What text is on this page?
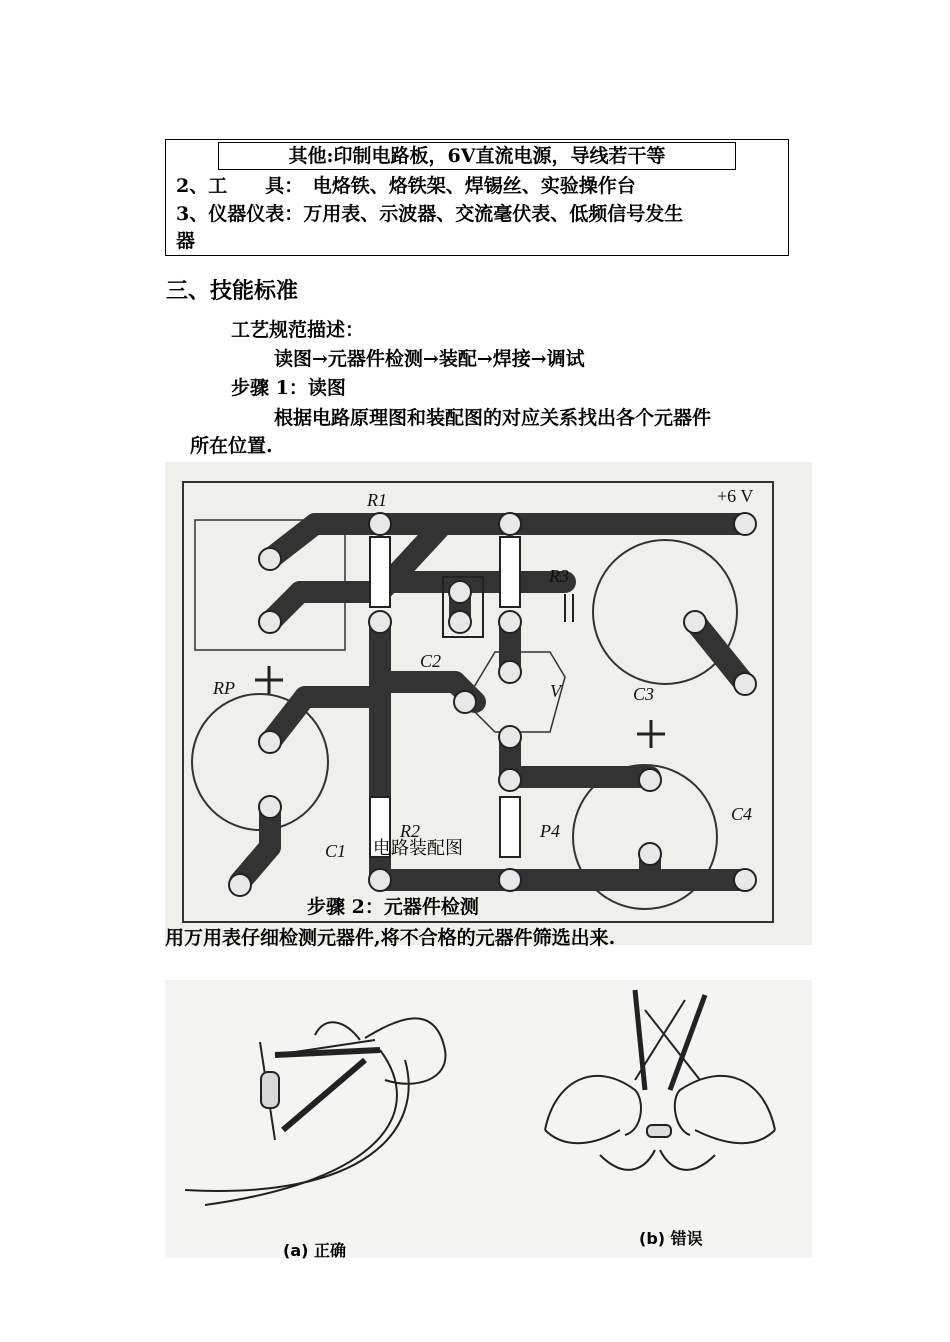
其他:印制电路板，6V直流电源，导线若干等
2、工　　具：　电烙铁、烙铁架、焊锡丝、实验操作台
3、仪器仪表：万用表、示波器、交流毫伏表、低频信号发生
器
三、技能标准
工艺规范描述：
读图→元器件检测→装配→焊接→调试
步骤 1：读图
根据电路原理图和装配图的对应关系找出各个元器件
所在位置.
R1	+6 V
R3
C2
RP	V	C3
C4
C1
R2	P4
电路装配图
步骤 2：元器件检测
用万用表仔细检测元器件,将不合格的元器件筛选出来.
(a) 正确
(b) 错误
